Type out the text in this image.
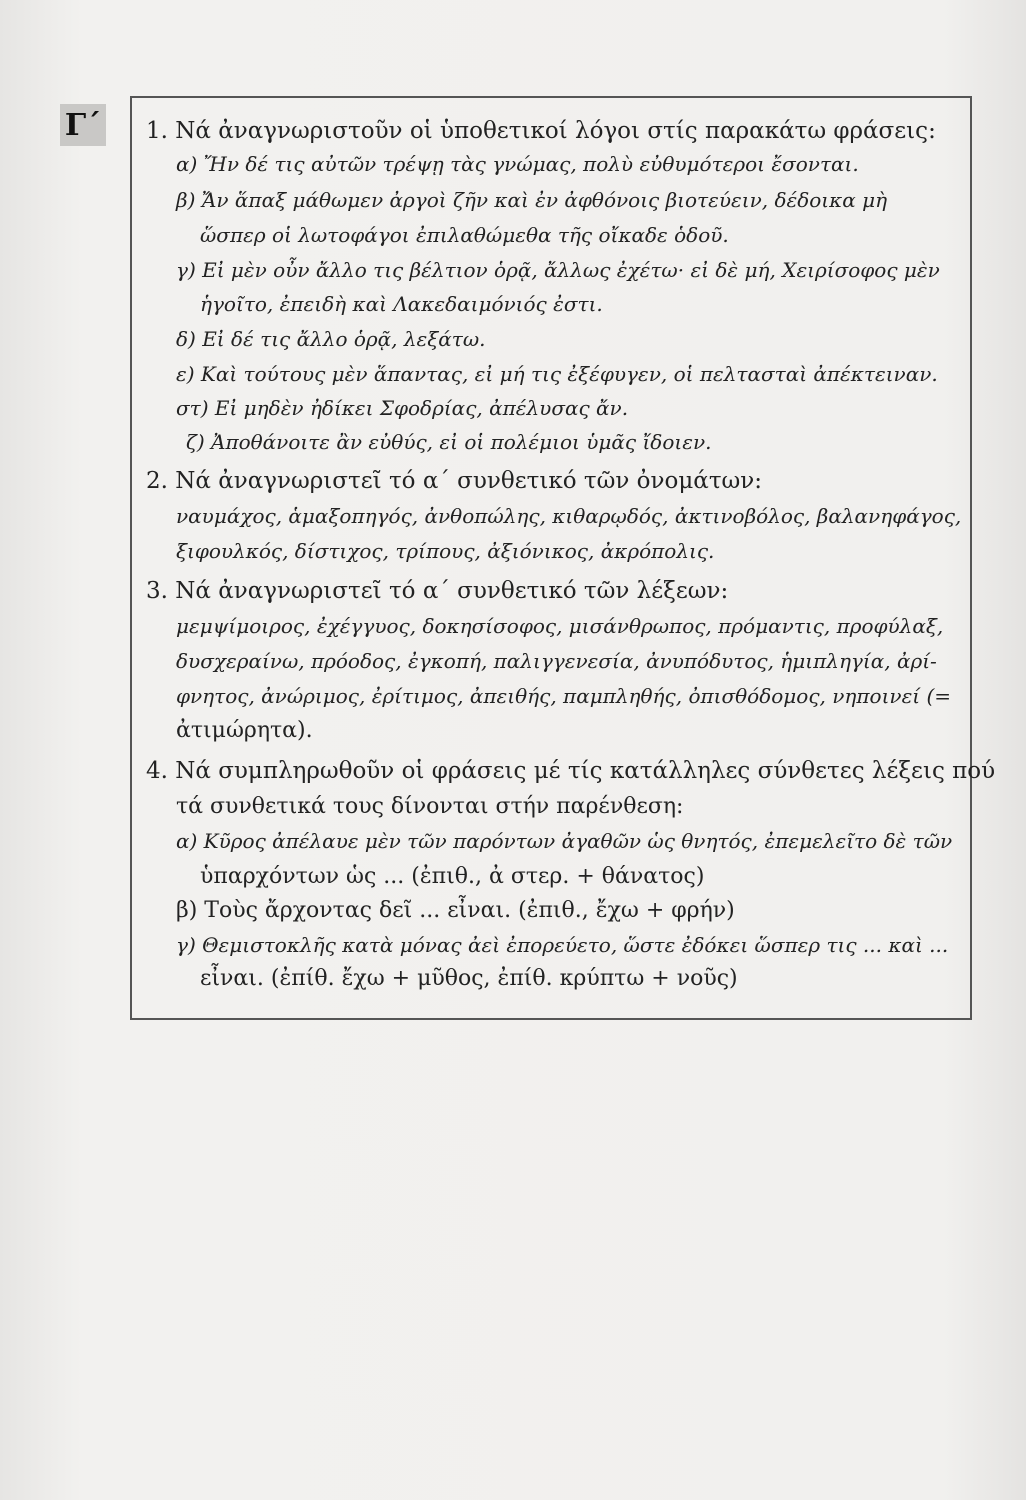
Γ΄ 1. Νά ἀναγνωριστοῦν οἱ ὑποθετικοί λόγοι στίς παρακάτω φράσεις:
α) Ἤν δέ τις αὐτῶν τρέψῃ τὰς γνώμας, πολὺ εὐθυμότεροι ἔσονται.
β) Ἄν ἅπαξ μάθωμεν ἀργοὶ ζῆν καὶ ἐν ἀφθόνοις βιοτεύειν, δέδοικα μὴ
ὥσπερ οἱ λωτοφάγοι ἐπιλαθώμεθα τῆς οἴκαδε ὁδοῦ.
γ) Εἰ μὲν οὖν ἄλλο τις βέλτιον ὁρᾷ, ἄλλως ἐχέτω· εἰ δὲ μή, Χειρίσοφος μὲν
ἡγοῖτο, ἐπειδὴ καὶ Λακεδαιμόνιός ἐστι.
δ) Εἰ δέ τις ἄλλο ὁρᾷ, λεξάτω.
ε) Καὶ τούτους μὲν ἅπαντας, εἰ μή τις ἐξέφυγεν, οἱ πελτασταὶ ἀπέκτειναν.
στ) Εἰ μηδὲν ἠδίκει Σφοδρίας, ἀπέλυσας ἄν.
ζ) Ἀποθάνοιτε ἂν εὐθύς, εἰ οἱ πολέμιοι ὑμᾶς ἴδοιεν.
2. Νά ἀναγνωριστεῖ τό α΄ συνθετικό τῶν ὀνομάτων:
ναυμάχος, ἁμαξοπηγός, ἀνθοπώλης, κιθαρῳδός, ἀκτινοβόλος, βαλανηφάγος,
ξιφουλκός, δίστιχος, τρίπους, ἀξιόνικος, ἀκρόπολις.
3. Νά ἀναγνωριστεῖ τό α΄ συνθετικό τῶν λέξεων:
μεμψίμοιρος, ἐχέγγυος, δοκησίσοφος, μισάνθρωπος, πρόμαντις, προφύλαξ,
δυσχεραίνω, πρόοδος, ἐγκοπή, παλιγγενεσία, ἀνυπόδυτος, ἡμιπληγία, ἀρί-
φνητος, ἀνώριμος, ἐρίτιμος, ἀπειθής, παμπληθής, ὀπισθόδομος, νηποινεί (=
ἀτιμώρητα).
4. Νά συμπληρωθοῦν οἱ φράσεις μέ τίς κατάλληλες σύνθετες λέξεις πού
τά συνθετικά τους δίνονται στήν παρένθεση:
α) Κῦρος ἀπέλαυε μὲν τῶν παρόντων ἀγαθῶν ὡς θνητός, ἐπεμελεῖτο δὲ τῶν
ὑπαρχόντων ὡς ... (ἐπιθ., ἀ στερ. + θάνατος)
β) Τοὺς ἄρχοντας δεῖ ... εἶναι. (ἐπιθ., ἔχω + φρήν)
γ) Θεμιστοκλῆς κατὰ μόνας ἀεὶ ἐπορεύετο, ὥστε ἐδόκει ὥσπερ τις ... καὶ ...
εἶναι. (ἐπίθ. ἔχω + μῦθος, ἐπίθ. κρύπτω + νοῦς)
